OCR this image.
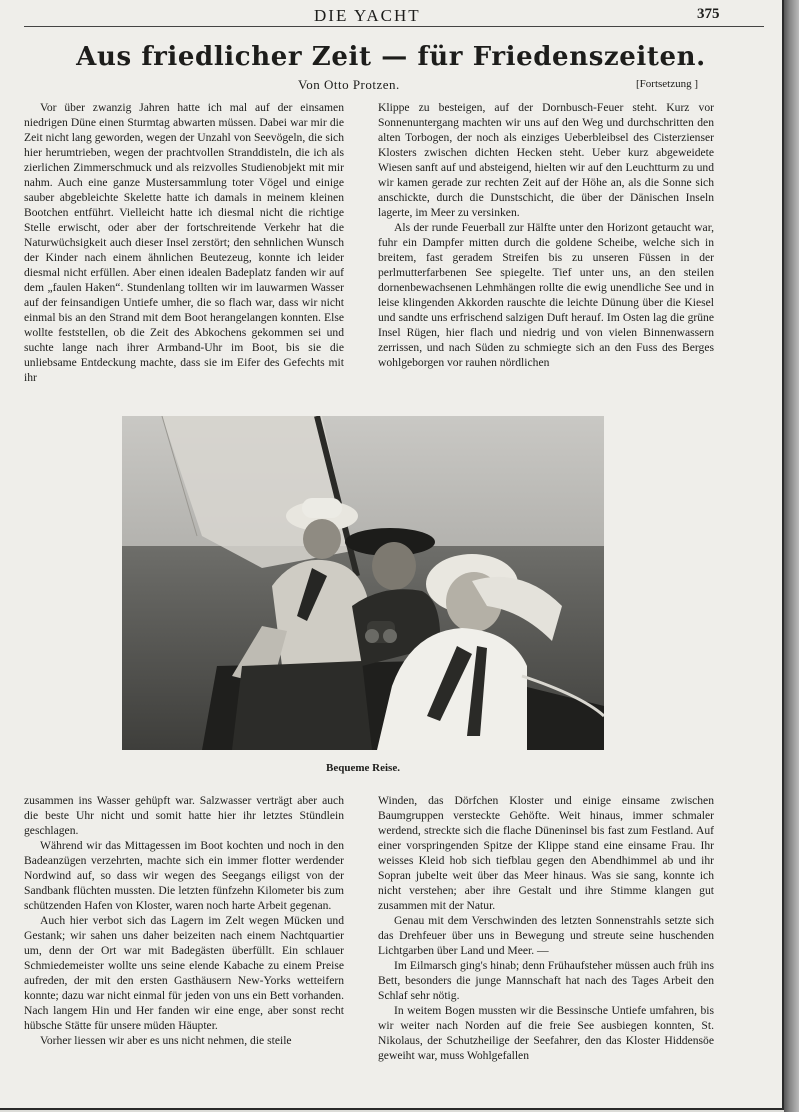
DIE YACHT	375
Aus friedlicher Zeit — für Friedenszeiten.
Von Otto Protzen.	[Fortsetzung ]

Vor über zwanzig Jahren hatte ich mal auf der einsamen niedrigen Düne einen Sturmtag abwarten müssen. Dabei war mir die Zeit nicht lang geworden, wegen der Unzahl von Seevögeln, die sich hier herumtrieben, wegen der prachtvollen Stranddisteln, die ich als zierlichen Zimmerschmuck und als reizvolles Studienobjekt mit mir nahm. Auch eine ganze Mustersammlung toter Vögel und einige sauber abgebleichte Skelette hatte ich damals in meinem kleinen Bootchen entführt. Vielleicht hatte ich diesmal nicht die richtige Stelle erwischt, oder aber der fortschreitende Verkehr hat die Naturwüchsigkeit auch dieser Insel zerstört; den sehnlichen Wunsch der Kinder nach einem ähnlichen Beutezeug, konnte ich leider diesmal nicht erfüllen. Aber einen idealen Badeplatz fanden wir auf dem „faulen Haken“. Stundenlang tollten wir im lauwarmen Wasser auf der feinsandigen Untiefe umher, die so flach war, dass wir nicht einmal bis an den Strand mit dem Boot herangelangen konnten. Else wollte feststellen, ob die Zeit des Abkochens gekommen sei und suchte lange nach ihrer Armband-Uhr im Boot, bis sie die unliebsame Entdeckung machte, dass sie im Eifer des Gefechts mit ihr

Klippe zu besteigen, auf der Dornbusch-Feuer steht. Kurz vor Sonnenuntergang machten wir uns auf den Weg und durchschritten den alten Torbogen, der noch als einziges Ueberbleibsel des Cisterzienser Klosters zwischen dichten Hecken steht. Ueber kurz abgeweidete Wiesen sanft auf und absteigend, hielten wir auf den Leuchtturm zu und wir kamen gerade zur rechten Zeit auf der Höhe an, als die Sonne sich anschickte, durch die Dunstschicht, die über der Dänischen Inseln lagerte, im Meer zu versinken.

Als der runde Feuerball zur Hälfte unter den Horizont getaucht war, fuhr ein Dampfer mitten durch die goldene Scheibe, welche sich in breitem, fast geradem Streifen bis zu unseren Füssen in der perlmutterfarbenen See spiegelte. Tief unter uns, an den steilen dornenbewachsenen Lehmhängen rollte die ewig unendliche See und in leise klingenden Akkorden rauschte die leichte Dünung über die Kiesel und sandte uns erfrischend salzigen Duft herauf. Im Osten lag die grüne Insel Rügen, hier flach und niedrig und von vielen Binnenwassern zerrissen, und nach Süden zu schmiegte sich an den Fuss des Berges wohlgeborgen vor rauhen nördlichen

Bequeme Reise.

zusammen ins Wasser gehüpft war. Salzwasser verträgt aber auch die beste Uhr nicht und somit hatte hier ihr letztes Stündlein geschlagen.

Während wir das Mittagessen im Boot kochten und noch in den Badeanzügen verzehrten, machte sich ein immer flotter werdender Nordwind auf, so dass wir wegen des Seegangs eiligst von der Sandbank flüchten mussten. Die letzten fünfzehn Kilometer bis zum schützenden Hafen von Kloster, waren noch harte Arbeit gegenan.

Auch hier verbot sich das Lagern im Zelt wegen Mücken und Gestank; wir sahen uns daher beizeiten nach einem Nachtquartier um, denn der Ort war mit Badegästen überfüllt. Ein schlauer Schmiedemeister wollte uns seine elende Kabache zu einem Preise aufreden, der mit den ersten Gasthäusern New-Yorks wetteifern konnte; dazu war nicht einmal für jeden von uns ein Bett vorhanden. Nach langem Hin und Her fanden wir eine enge, aber sonst recht hübsche Stätte für unsere müden Häupter.

Vorher liessen wir aber es uns nicht nehmen, die steile

Winden, das Dörfchen Kloster und einige einsame zwischen Baumgruppen versteckte Gehöfte. Weit hinaus, immer schmaler werdend, streckte sich die flache Düneninsel bis fast zum Festland. Auf einer vorspringenden Spitze der Klippe stand eine einsame Frau. Ihr weisses Kleid hob sich tiefblau gegen den Abendhimmel ab und ihr Sopran jubelte weit über das Meer hinaus. Was sie sang, konnte ich nicht verstehen; aber ihre Gestalt und ihre Stimme klangen gut zusammen mit der Natur.

Genau mit dem Verschwinden des letzten Sonnenstrahls setzte sich das Drehfeuer über uns in Bewegung und streute seine huschenden Lichtgarben über Land und Meer. —

Im Eilmarsch ging's hinab; denn Frühaufsteher müssen auch früh ins Bett, besonders die junge Mannschaft hat nach des Tages Arbeit den Schlaf sehr nötig.

In weitem Bogen mussten wir die Bessinsche Untiefe umfahren, bis wir weiter nach Norden auf die freie See ausbiegen konnten, St. Nikolaus, der Schutzheilige der Seefahrer, den das Kloster Hiddensöe geweiht war, muss Wohlgefallen
